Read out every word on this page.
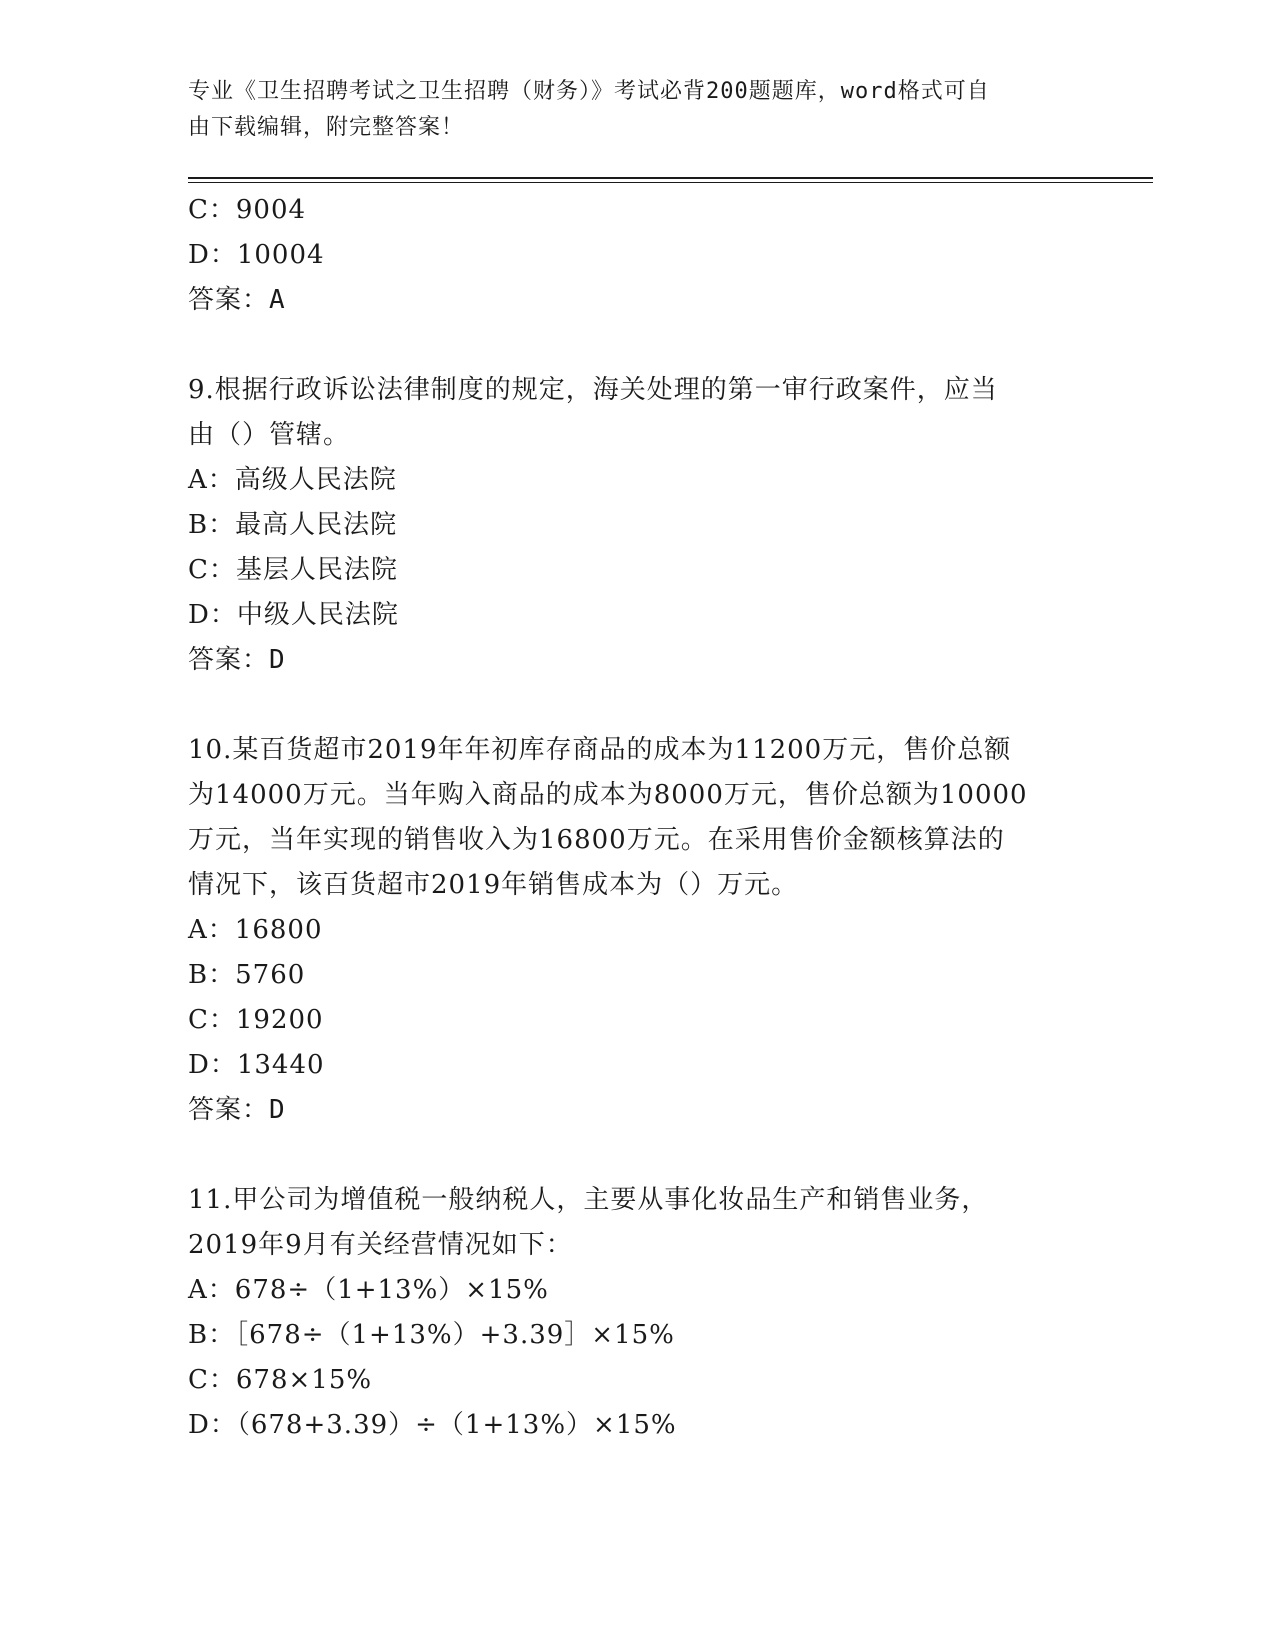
专业《卫生招聘考试之卫生招聘（财务）》考试必背200题题库，word格式可自
由下载编辑，附完整答案！
C：9004
D：10004
答案：A
9.根据行政诉讼法律制度的规定，海关处理的第一审行政案件，应当
由（）管辖。
A：高级人民法院
B：最高人民法院
C：基层人民法院
D：中级人民法院
答案：D
10.某百货超市2019年年初库存商品的成本为11200万元，售价总额
为14000万元。当年购入商品的成本为8000万元，售价总额为10000
万元，当年实现的销售收入为16800万元。在采用售价金额核算法的
情况下，该百货超市2019年销售成本为（）万元。
A：16800
B：5760
C：19200
D：13440
答案：D
11.甲公司为增值税一般纳税人，主要从事化妆品生产和销售业务，
2019年9月有关经营情况如下：
A：678÷（1+13%）×15%
B：［678÷（1+13%）+3.39］×15%
C：678×15%
D：（678+3.39）÷（1+13%）×15%
